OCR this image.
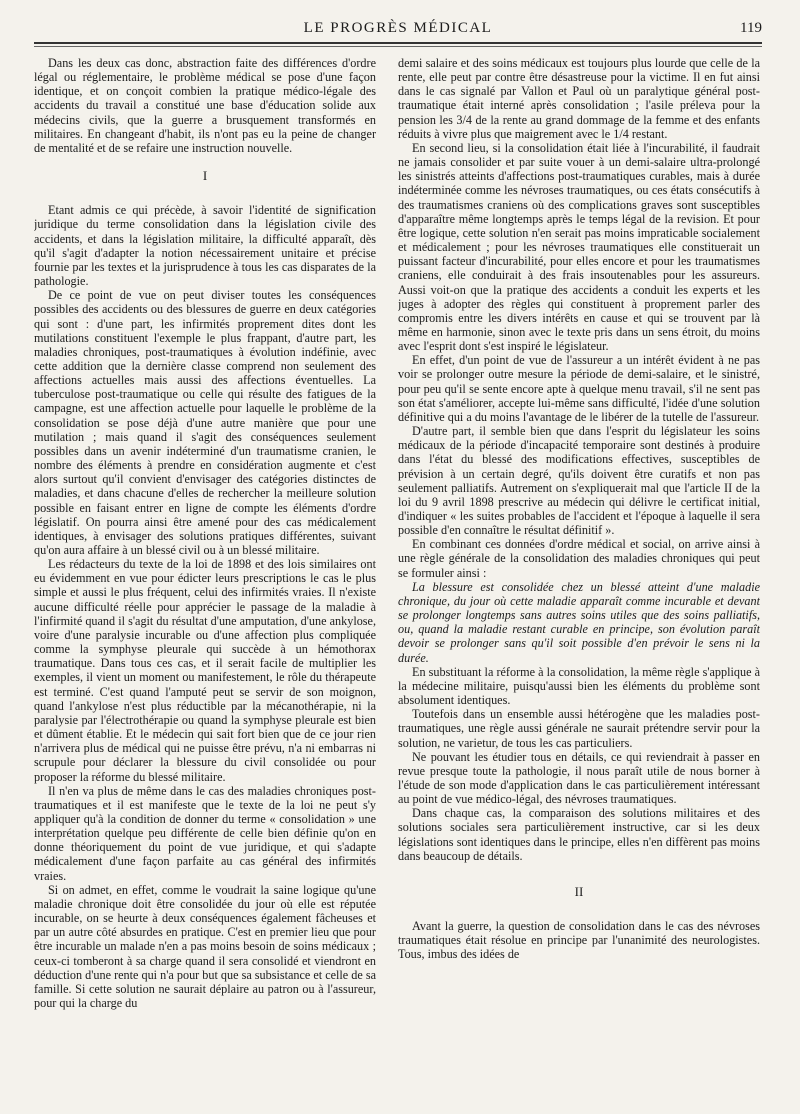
LE PROGRÈS MÉDICAL	119

Dans les deux cas donc, abstraction faite des différences d'ordre légal ou réglementaire, le problème médical se pose d'une façon identique, et on conçoit combien la pratique médico-légale des accidents du travail a constitué une base d'éducation solide aux médecins civils, que la guerre a brusquement transformés en militaires. En changeant d'habit, ils n'ont pas eu la peine de changer de mentalité et de se refaire une instruction nouvelle.

I

Etant admis ce qui précède, à savoir l'identité de signification juridique du terme consolidation dans la législation civile des accidents, et dans la législation militaire, la difficulté apparaît, dès qu'il s'agit d'adapter la notion nécessairement unitaire et précise fournie par les textes et la jurisprudence à tous les cas disparates de la pathologie.

De ce point de vue on peut diviser toutes les conséquences possibles des accidents ou des blessures de guerre en deux catégories qui sont : d'une part, les infirmités proprement dites dont les mutilations constituent l'exemple le plus frappant, d'autre part, les maladies chroniques, post-traumatiques à évolution indéfinie, avec cette addition que la dernière classe comprend non seulement des affections actuelles mais aussi des affections éventuelles. La tuberculose post-traumatique ou celle qui résulte des fatigues de la campagne, est une affection actuelle pour laquelle le problème de la consolidation se pose déjà d'une autre manière que pour une mutilation ; mais quand il s'agit des conséquences seulement possibles dans un avenir indéterminé d'un traumatisme cranien, le nombre des éléments à prendre en considération augmente et c'est alors surtout qu'il convient d'envisager des catégories distinctes de maladies, et dans chacune d'elles de rechercher la meilleure solution possible en faisant entrer en ligne de compte les éléments d'ordre législatif. On pourra ainsi être amené pour des cas médicalement identiques, à envisager des solutions pratiques différentes, suivant qu'on aura affaire à un blessé civil ou à un blessé militaire.

Les rédacteurs du texte de la loi de 1898 et des lois similaires ont eu évidemment en vue pour édicter leurs prescriptions le cas le plus simple et aussi le plus fréquent, celui des infirmités vraies. Il n'existe aucune difficulté réelle pour apprécier le passage de la maladie à l'infirmité quand il s'agit du résultat d'une amputation, d'une ankylose, voire d'une paralysie incurable ou d'une affection plus compliquée comme la symphyse pleurale qui succède à un hémothorax traumatique. Dans tous ces cas, et il serait facile de multiplier les exemples, il vient un moment ou manifestement, le rôle du thérapeute est terminé. C'est quand l'amputé peut se servir de son moignon, quand l'ankylose n'est plus réductible par la mécanothérapie, ni la paralysie par l'électrothérapie ou quand la symphyse pleurale est bien et dûment établie. Et le médecin qui sait fort bien que de ce jour rien n'arrivera plus de médical qui ne puisse être prévu, n'a ni embarras ni scrupule pour déclarer la blessure du civil consolidée ou pour proposer la réforme du blessé militaire.

Il n'en va plus de même dans le cas des maladies chroniques post-traumatiques et il est manifeste que le texte de la loi ne peut s'y appliquer qu'à la condition de donner du terme « consolidation » une interprétation quelque peu différente de celle bien définie qu'on en donne théoriquement du point de vue juridique, et qui s'adapte médicalement d'une façon parfaite au cas général des infirmités vraies.

Si on admet, en effet, comme le voudrait la saine logique qu'une maladie chronique doit être consolidée du jour où elle est réputée incurable, on se heurte à deux conséquences également fâcheuses et par un autre côté absurdes en pratique. C'est en premier lieu que pour être incurable un malade n'en a pas moins besoin de soins médicaux ; ceux-ci tomberont à sa charge quand il sera consolidé et viendront en déduction d'une rente qui n'a pour but que sa subsistance et celle de sa famille. Si cette solution ne saurait déplaire au patron ou à l'assureur, pour qui la charge du

demi salaire et des soins médicaux est toujours plus lourde que celle de la rente, elle peut par contre être désastreuse pour la victime. Il en fut ainsi dans le cas signalé par Vallon et Paul où un paralytique général post-traumatique était interné après consolidation ; l'asile préleva pour la pension les 3/4 de la rente au grand dommage de la femme et des enfants réduits à vivre plus que maigrement avec le 1/4 restant.

En second lieu, si la consolidation était liée à l'incurabilité, il faudrait ne jamais consolider et par suite vouer à un demi-salaire ultra-prolongé les sinistrés atteints d'affections post-traumatiques curables, mais à durée indéterminée comme les névroses traumatiques, ou ces états consécutifs à des traumatismes craniens où des complications graves sont susceptibles d'apparaître même longtemps après le temps légal de la revision. Et pour être logique, cette solution n'en serait pas moins impraticable socialement et médicalement ; pour les névroses traumatiques elle constituerait un puissant facteur d'incurabilité, pour elles encore et pour les traumatismes craniens, elle conduirait à des frais insoutenables pour les assureurs. Aussi voit-on que la pratique des accidents a conduit les experts et les juges à adopter des règles qui constituent à proprement parler des compromis entre les divers intérêts en cause et qui se trouvent par là même en harmonie, sinon avec le texte pris dans un sens étroit, du moins avec l'esprit dont s'est inspiré le législateur.

En effet, d'un point de vue de l'assureur a un intérêt évident à ne pas voir se prolonger outre mesure la période de demi-salaire, et le sinistré, pour peu qu'il se sente encore apte à quelque menu travail, s'il ne sent pas son état s'améliorer, accepte lui-même sans difficulté, l'idée d'une solution définitive qui a du moins l'avantage de le libérer de la tutelle de l'assureur.

D'autre part, il semble bien que dans l'esprit du législateur les soins médicaux de la période d'incapacité temporaire sont destinés à produire dans l'état du blessé des modifications effectives, susceptibles de prévision à un certain degré, qu'ils doivent être curatifs et non pas seulement palliatifs. Autrement on s'expliquerait mal que l'article II de la loi du 9 avril 1898 prescrive au médecin qui délivre le certificat initial, d'indiquer « les suites probables de l'accident et l'époque à laquelle il sera possible d'en connaître le résultat définitif ».

En combinant ces données d'ordre médical et social, on arrive ainsi à une règle générale de la consolidation des maladies chroniques qui peut se formuler ainsi :

La blessure est consolidée chez un blessé atteint d'une maladie chronique, du jour où cette maladie apparaît comme incurable et devant se prolonger longtemps sans autres soins utiles que des soins palliatifs, ou, quand la maladie restant curable en principe, son évolution paraît devoir se prolonger sans qu'il soit possible d'en prévoir le sens ni la durée.

En substituant la réforme à la consolidation, la même règle s'applique à la médecine militaire, puisqu'aussi bien les éléments du problème sont absolument identiques.

Toutefois dans un ensemble aussi hétérogène que les maladies post-traumatiques, une règle aussi générale ne saurait prétendre servir pour la solution, ne varietur, de tous les cas particuliers.

Ne pouvant les étudier tous en détails, ce qui reviendrait à passer en revue presque toute la pathologie, il nous paraît utile de nous borner à l'étude de son mode d'application dans le cas particulièrement intéressant au point de vue médico-légal, des névroses traumatiques.

Dans chaque cas, la comparaison des solutions militaires et des solutions sociales sera particulièrement instructive, car si les deux législations sont identiques dans le principe, elles n'en diffèrent pas moins dans beaucoup de détails.

II

Avant la guerre, la question de consolidation dans le cas des névroses traumatiques était résolue en principe par l'unanimité des neurologistes. Tous, imbus des idées de
